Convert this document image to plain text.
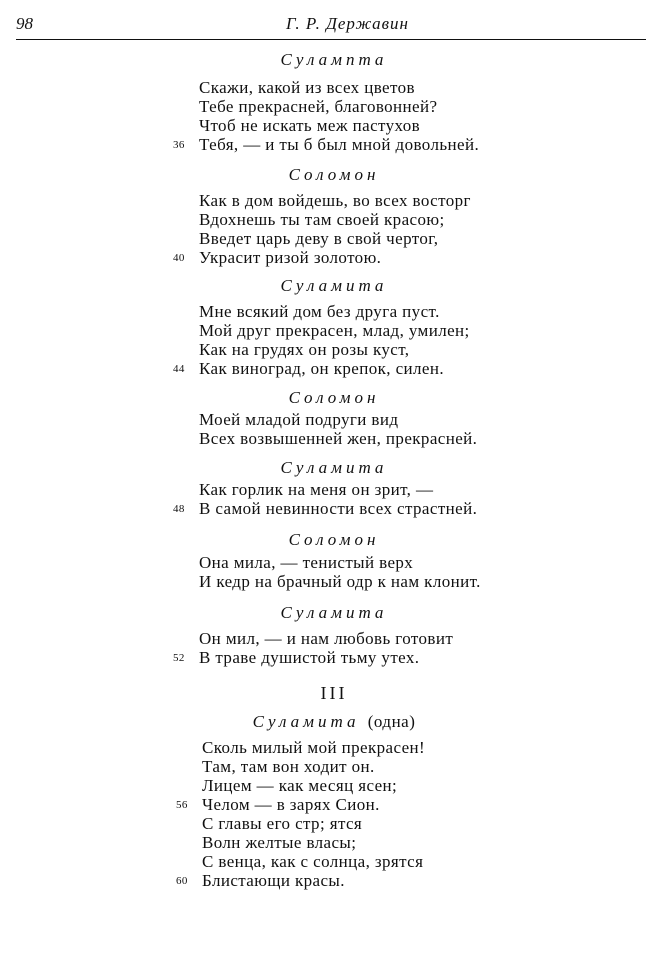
98	Г. Р. Державин
Сулампта
Скажи, какой из всех цветов
Тебе прекрасней, благовонней?
Чтоб не искать меж пастухов
Тебя, — и ты б был мной довольней.
36
Соломон
Как в дом войдешь, во всех восторг
Вдохнешь ты там своей красою;
Введет царь деву в свой чертог,
Украсит ризой золотою.
40
Суламита
Мне всякий дом без друга пуст.
Мой друг прекрасен, млад, умилен;
Как на грудях он розы куст,
Как виноград, он крепок, силен.
44
Соломон
Моей младой подруги вид
Всех возвышенней жен, прекрасней.
Суламита
Как горлик на меня он зрит, —
В самой невинности всех страстней.
48
Соломон
Она мила, — тенистый верх
И кедр на брачный одр к нам клонит.
Суламита
Он мил, — и нам любовь готовит
В траве душистой тьму утех.
52
III
Суламита (одна)
Сколь милый мой прекрасен!
Там, там вон ходит он.
Лицем — как месяц ясен;
Челом — в зарях Сион.
56
С главы его стр; ятся
Волн желтые власы;
С венца, как с солнца, зрятся
Блистающи красы.
60
